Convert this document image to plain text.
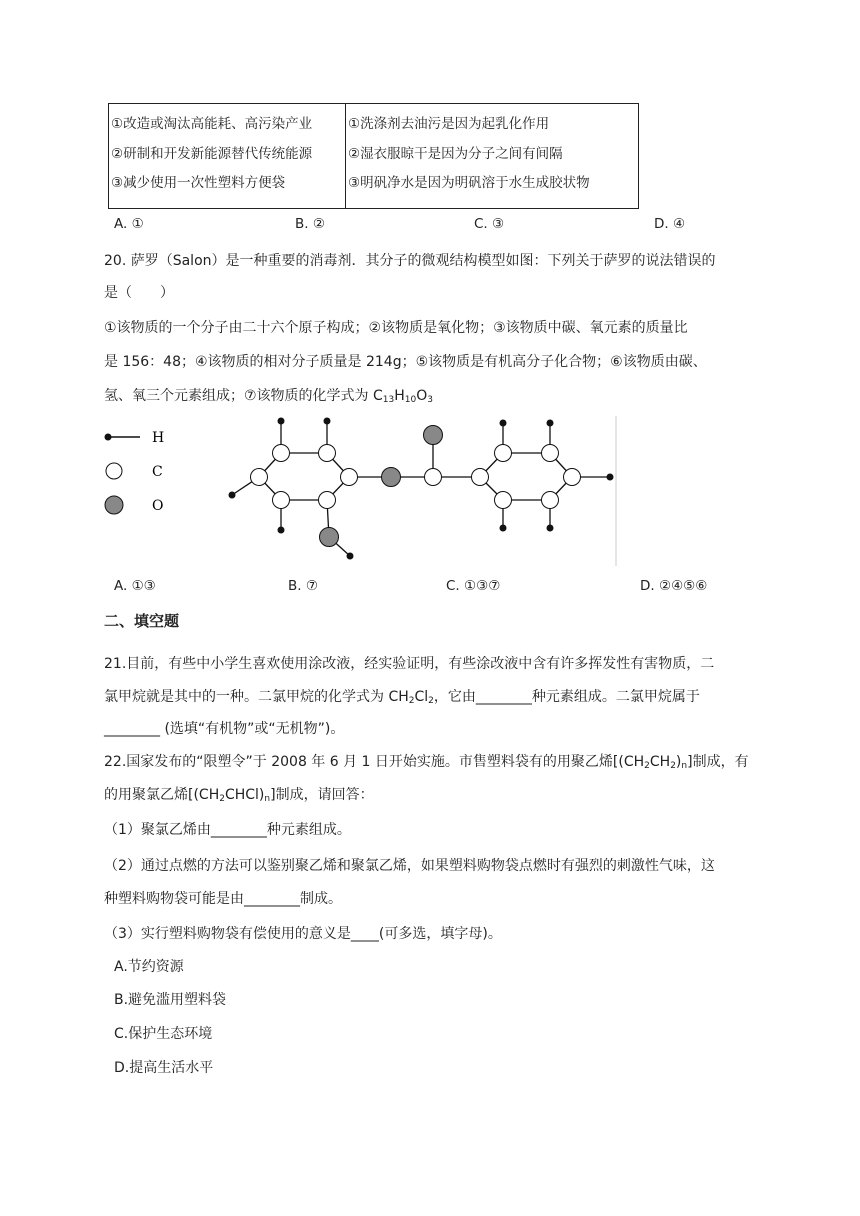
①改造或淘汰高能耗、高污染产业
②研制和开发新能源替代传统能源
③减少使用一次性塑料方便袋

①洗涤剂去油污是因为起乳化作用
②湿衣服晾干是因为分子之间有间隔
③明矾净水是因为明矾溶于水生成胶状物
A. ①	B. ②	C. ③	D. ④
20. 萨罗（Salon）是一种重要的消毒剂．其分子的微观结构模型如图：下列关于萨罗的说法错误的
是（　　）
①该物质的一个分子由二十六个原子构成；②该物质是氧化物；③该物质中碳、氧元素的质量比
是 156：48；④该物质的相对分子质量是 214g；⑤该物质是有机高分子化合物；⑥该物质由碳、
氢、氧三个元素组成；⑦该物质的化学式为 $C_{13}H_{10}O_3$
H
C
O
A. ①③	B. ⑦	C. ①③⑦	D. ②④⑤⑥
二、填空题
21.目前，有些中小学生喜欢使用涂改液，经实验证明，有些涂改液中含有许多挥发性有害物质，二
氯甲烷就是其中的一种。二氯甲烷的化学式为 $CH_2Cl_2$，它由________种元素组成。二氯甲烷属于
________ (选填“有机物”或“无机物”)。
22.国家发布的“限塑令”于 2008 年 6 月 1 日开始实施。市售塑料袋有的用聚乙烯$[(CH_2CH_2)_n]$制成，有
的用聚氯乙烯$[(CH_2CHCl)_n]$制成，请回答：
（1）聚氯乙烯由________种元素组成。
（2）通过点燃的方法可以鉴别聚乙烯和聚氯乙烯，如果塑料购物袋点燃时有强烈的刺激性气味，这
种塑料购物袋可能是由________制成。
（3）实行塑料购物袋有偿使用的意义是____(可多选，填字母)。
A.节约资源
B.避免滥用塑料袋
C.保护生态环境
D.提高生活水平
